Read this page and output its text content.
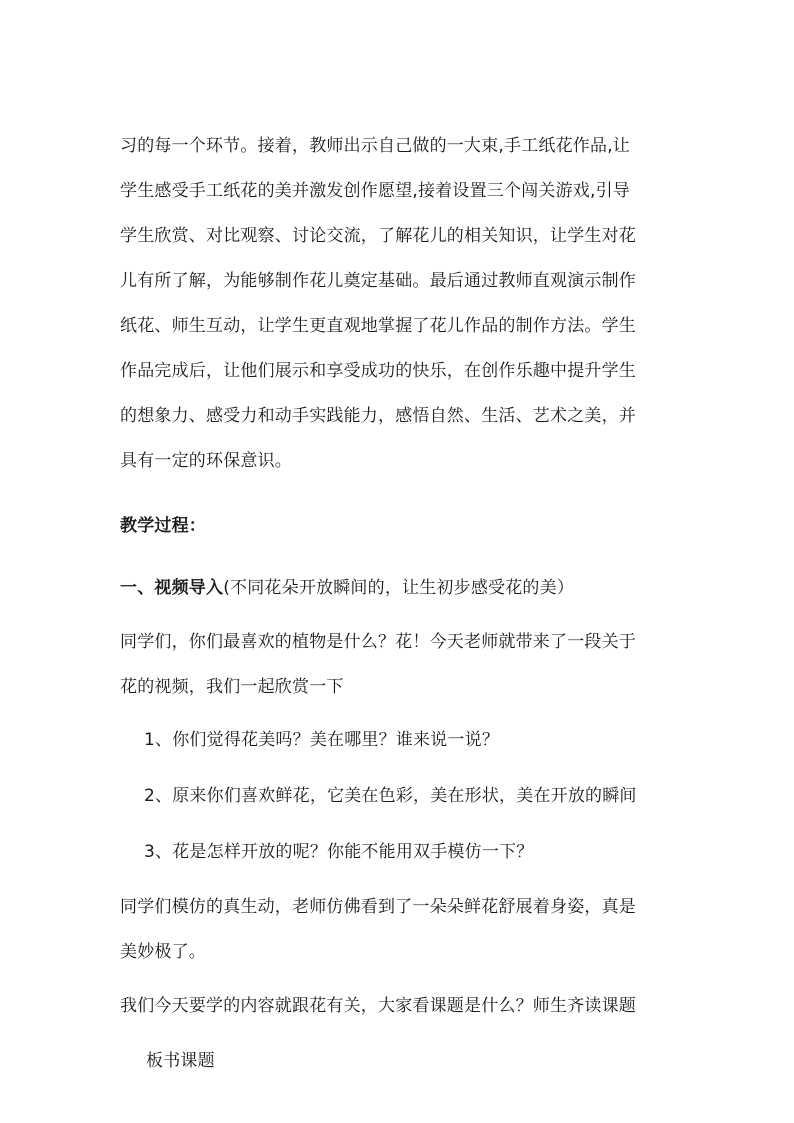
习的每一个环节。接着，教师出示自己做的一大束,手工纸花作品,让
学生感受手工纸花的美并激发创作愿望,接着设置三个闯关游戏,引导
学生欣赏、对比观察、讨论交流，了解花儿的相关知识，让学生对花
儿有所了解，为能够制作花儿奠定基础。最后通过教师直观演示制作
纸花、师生互动，让学生更直观地掌握了花儿作品的制作方法。学生
作品完成后，让他们展示和享受成功的快乐，在创作乐趣中提升学生
的想象力、感受力和动手实践能力，感悟自然、生活、艺术之美，并
具有一定的环保意识。
教学过程：
一、视频导入(不同花朵开放瞬间的，让生初步感受花的美）
同学们，你们最喜欢的植物是什么？花！今天老师就带来了一段关于
花的视频，我们一起欣赏一下
1、你们觉得花美吗？美在哪里？谁来说一说？
2、原来你们喜欢鲜花，它美在色彩，美在形状，美在开放的瞬间
3、花是怎样开放的呢？你能不能用双手模仿一下？
同学们模仿的真生动，老师仿佛看到了一朵朵鲜花舒展着身姿，真是
美妙极了。
我们今天要学的内容就跟花有关，大家看课题是什么？师生齐读课题
板书课题
